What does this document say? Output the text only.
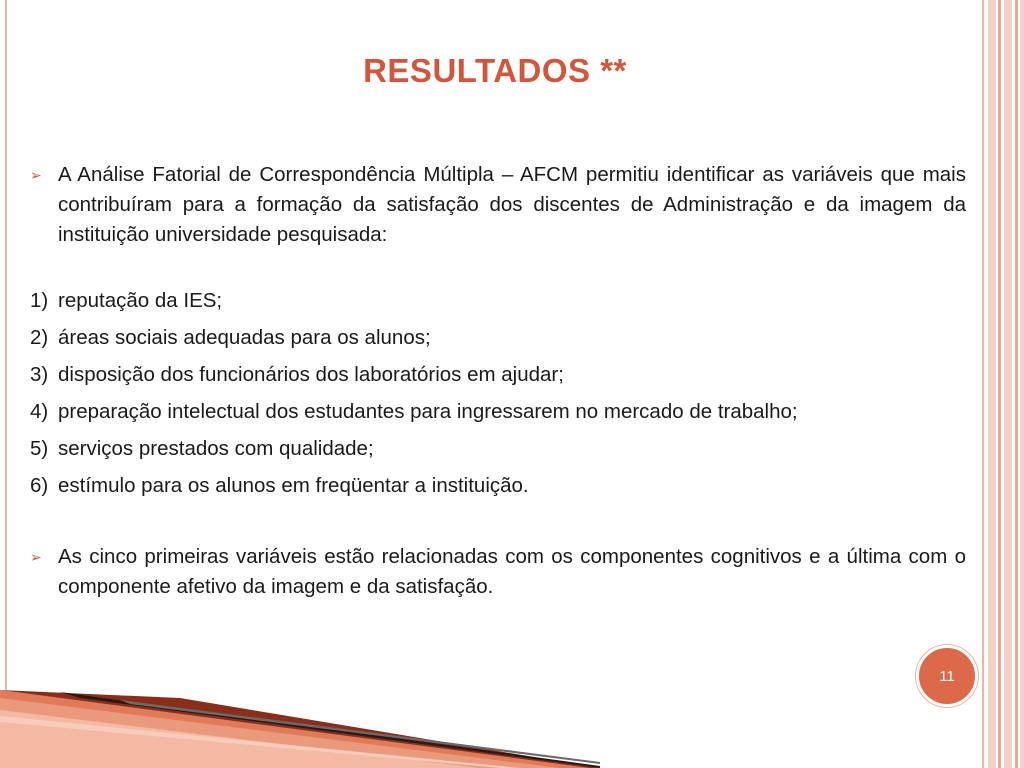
RESULTADOS **
➢ A Análise Fatorial de Correspondência Múltipla – AFCM permitiu identificar as variáveis que mais contribuíram para a formação da satisfação dos discentes de Administração e da imagem da instituição universidade pesquisada:
1) reputação da IES;
2) áreas sociais adequadas para os alunos;
3) disposição dos funcionários dos laboratórios em ajudar;
4) preparação intelectual dos estudantes para ingressarem no mercado de trabalho;
5) serviços prestados com qualidade;
6) estímulo para os alunos em freqüentar a instituição.
➢ As cinco primeiras variáveis estão relacionadas com os componentes cognitivos e a última com o componente afetivo da imagem e da satisfação.
11
